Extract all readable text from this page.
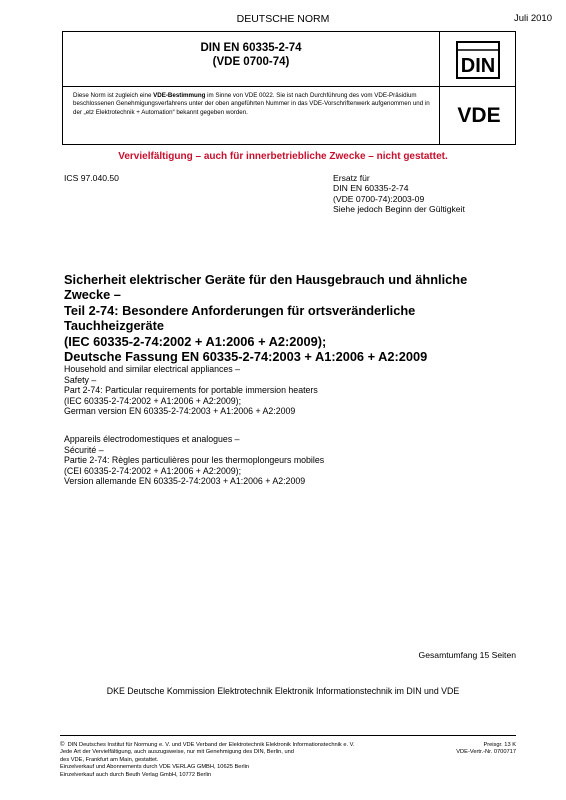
DEUTSCHE NORM	Juli 2010
DIN EN 60335-2-74
(VDE 0700-74)
Diese Norm ist zugleich eine VDE-Bestimmung im Sinne von VDE 0022. Sie ist nach Durchführung des vom VDE-Präsidium beschlossenen Genehmigungsverfahrens unter der oben angeführten Nummer in das VDE-Vorschriftenwerk aufgenommen und in der „etz Elektrotechnik + Automation“ bekannt gegeben worden.
DIN
VDE
Vervielfältigung – auch für innerbetriebliche Zwecke – nicht gestattet.
ICS 97.040.50	Ersatz für
DIN EN 60335-2-74
(VDE 0700-74):2003-09
Siehe jedoch Beginn der Gültigkeit
Sicherheit elektrischer Geräte für den Hausgebrauch und ähnliche
Zwecke –
Teil 2-74: Besondere Anforderungen für ortsveränderliche
Tauchheizgeräte
(IEC 60335-2-74:2002 + A1:2006 + A2:2009);
Deutsche Fassung EN 60335-2-74:2003 + A1:2006 + A2:2009
Household and similar electrical appliances –
Safety –
Part 2-74: Particular requirements for portable immersion heaters
(IEC 60335-2-74:2002 + A1:2006 + A2:2009);
German version EN 60335-2-74:2003 + A1:2006 + A2:2009
Appareils électrodomestiques et analogues –
Sécurité –
Partie 2-74: Règles particulières pour les thermoplongeurs mobiles
(CEI 60335-2-74:2002 + A1:2006 + A2:2009);
Version allemande EN 60335-2-74:2003 + A1:2006 + A2:2009
Gesamtumfang 15 Seiten
DKE Deutsche Kommission Elektrotechnik Elektronik Informationstechnik im DIN und VDE
© DIN Deutsches Institut für Normung e. V. und VDE Verband der Elektrotechnik Elektronik Informationstechnik e. V.
Jede Art der Vervielfältigung, auch auszugsweise, nur mit Genehmigung des DIN, Berlin, und
des VDE, Frankfurt am Main, gestattet.
Einzelverkauf und Abonnements durch VDE VERLAG GMBH, 10625 Berlin
Einzelverkauf auch durch Beuth Verlag GmbH, 10772 Berlin
Preisgr. 13 K
VDE-Vertr.-Nr. 0700717
